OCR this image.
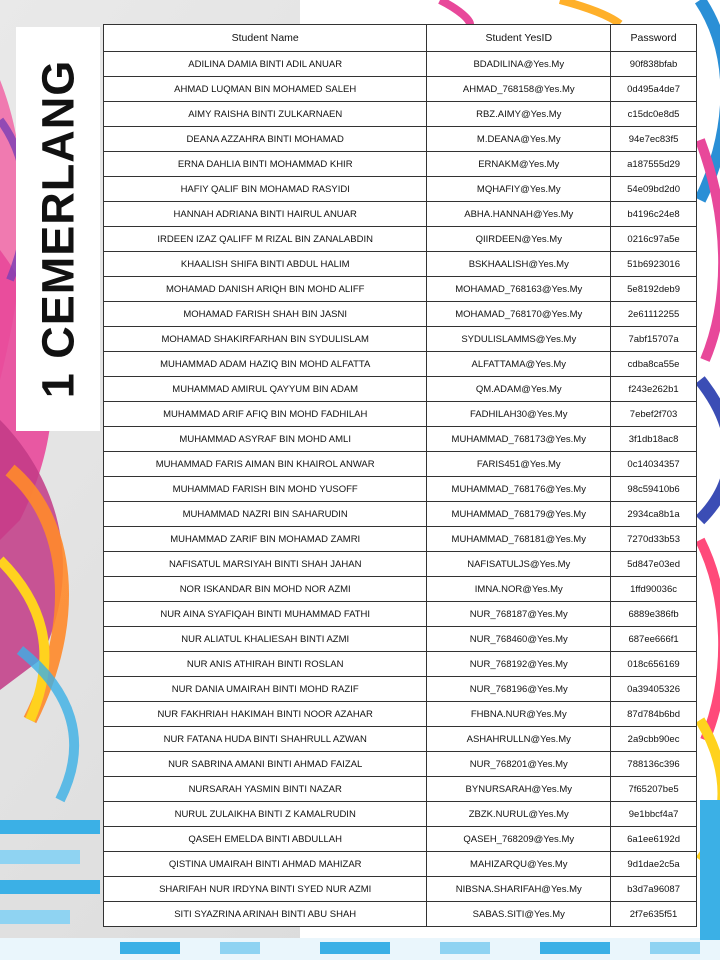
1 CEMERLANG
Student Name	Student YesID	Password
ADILINA DAMIA BINTI ADIL ANUAR	BDADILINA@Yes.My	90f838bfab
AHMAD LUQMAN BIN MOHAMED SALEH	AHMAD_768158@Yes.My	0d495a4de7
AIMY RAISHA BINTI ZULKARNAEN	RBZ.AIMY@Yes.My	c15dc0e8d5
DEANA AZZAHRA BINTI MOHAMAD	M.DEANA@Yes.My	94e7ec83f5
ERNA DAHLIA BINTI MOHAMMAD KHIR	ERNAKM@Yes.My	a187555d29
HAFIY QALIF BIN MOHAMAD RASYIDI	MQHAFIY@Yes.My	54e09bd2d0
HANNAH ADRIANA BINTI HAIRUL ANUAR	ABHA.HANNAH@Yes.My	b4196c24e8
IRDEEN IZAZ QALIFF M RIZAL BIN ZANALABDIN	QIIRDEEN@Yes.My	0216c97a5e
KHAALISH SHIFA BINTI ABDUL HALIM	BSKHAALISH@Yes.My	51b6923016
MOHAMAD DANISH ARIQH BIN MOHD ALIFF	MOHAMAD_768163@Yes.My	5e8192deb9
MOHAMAD FARISH SHAH BIN JASNI	MOHAMAD_768170@Yes.My	2e61112255
MOHAMAD SHAKIRFARHAN BIN SYDULISLAM	SYDULISLAMMS@Yes.My	7abf15707a
MUHAMMAD ADAM HAZIQ BIN MOHD ALFATTA	ALFATTAMA@Yes.My	cdba8ca55e
MUHAMMAD AMIRUL QAYYUM BIN ADAM	QM.ADAM@Yes.My	f243e262b1
MUHAMMAD ARIF AFIQ BIN MOHD FADHILAH	FADHILAH30@Yes.My	7ebef2f703
MUHAMMAD ASYRAF BIN MOHD AMLI	MUHAMMAD_768173@Yes.My	3f1db18ac8
MUHAMMAD FARIS AIMAN BIN KHAIROL ANWAR	FARIS451@Yes.My	0c14034357
MUHAMMAD FARISH BIN MOHD YUSOFF	MUHAMMAD_768176@Yes.My	98c59410b6
MUHAMMAD NAZRI BIN SAHARUDIN	MUHAMMAD_768179@Yes.My	2934ca8b1a
MUHAMMAD ZARIF BIN MOHAMAD ZAMRI	MUHAMMAD_768181@Yes.My	7270d33b53
NAFISATUL MARSIYAH BINTI SHAH JAHAN	NAFISATULJS@Yes.My	5d847e03ed
NOR ISKANDAR BIN MOHD NOR AZMI	IMNA.NOR@Yes.My	1ffd90036c
NUR AINA SYAFIQAH BINTI MUHAMMAD FATHI	NUR_768187@Yes.My	6889e386fb
NUR ALIATUL KHALIESAH BINTI AZMI	NUR_768460@Yes.My	687ee666f1
NUR ANIS ATHIRAH BINTI ROSLAN	NUR_768192@Yes.My	018c656169
NUR DANIA UMAIRAH BINTI MOHD RAZIF	NUR_768196@Yes.My	0a39405326
NUR FAKHRIAH HAKIMAH BINTI NOOR AZAHAR	FHBNA.NUR@Yes.My	87d784b6bd
NUR FATANA HUDA BINTI SHAHRULL AZWAN	ASHAHRULLN@Yes.My	2a9cbb90ec
NUR SABRINA AMANI BINTI AHMAD FAIZAL	NUR_768201@Yes.My	788136c396
NURSARAH YASMIN BINTI NAZAR	BYNURSARAH@Yes.My	7f65207be5
NURUL ZULAIKHA BINTI Z KAMALRUDIN	ZBZK.NURUL@Yes.My	9e1bbcf4a7
QASEH EMELDA BINTI ABDULLAH	QASEH_768209@Yes.My	6a1ee6192d
QISTINA UMAIRAH BINTI AHMAD MAHIZAR	MAHIZARQU@Yes.My	9d1dae2c5a
SHARIFAH NUR IRDYNA BINTI SYED NUR AZMI	NIBSNA.SHARIFAH@Yes.My	b3d7a96087
SITI SYAZRINA ARINAH BINTI ABU SHAH	SABAS.SITI@Yes.My	2f7e635f51
